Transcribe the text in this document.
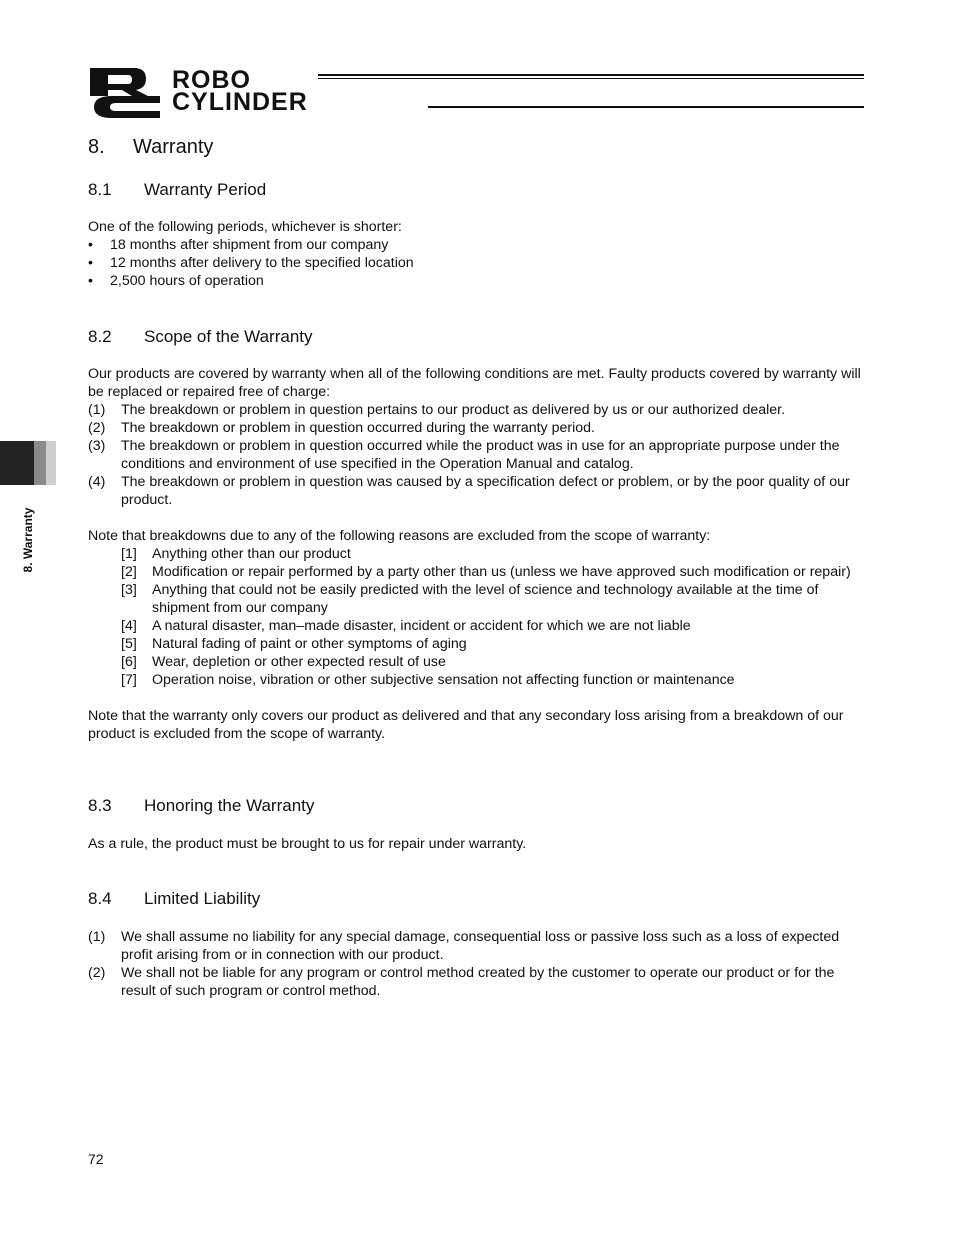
ROBO
CYLINDER
8. Warranty
8. Warranty
8.1 Warranty Period
One of the following periods, whichever is shorter:
• 18 months after shipment from our company
• 12 months after delivery to the specified location
• 2,500 hours of operation
8.2 Scope of the Warranty
Our products are covered by warranty when all of the following conditions are met. Faulty products covered by warranty will be replaced or repaired free of charge:
(1) The breakdown or problem in question pertains to our product as delivered by us or our authorized dealer.
(2) The breakdown or problem in question occurred during the warranty period.
(3) The breakdown or problem in question occurred while the product was in use for an appropriate purpose under the conditions and environment of use specified in the Operation Manual and catalog.
(4) The breakdown or problem in question was caused by a specification defect or problem, or by the poor quality of our product.
Note that breakdowns due to any of the following reasons are excluded from the scope of warranty:
[1] Anything other than our product
[2] Modification or repair performed by a party other than us (unless we have approved such modification or repair)
[3] Anything that could not be easily predicted with the level of science and technology available at the time of shipment from our company
[4] A natural disaster, man–made disaster, incident or accident for which we are not liable
[5] Natural fading of paint or other symptoms of aging
[6] Wear, depletion or other expected result of use
[7] Operation noise, vibration or other subjective sensation not affecting function or maintenance
Note that the warranty only covers our product as delivered and that any secondary loss arising from a breakdown of our product is excluded from the scope of warranty.
8.3 Honoring the Warranty
As a rule, the product must be brought to us for repair under warranty.
8.4 Limited Liability
(1) We shall assume no liability for any special damage, consequential loss or passive loss such as a loss of expected profit arising from or in connection with our product.
(2) We shall not be liable for any program or control method created by the customer to operate our product or for the result of such program or control method.
72
